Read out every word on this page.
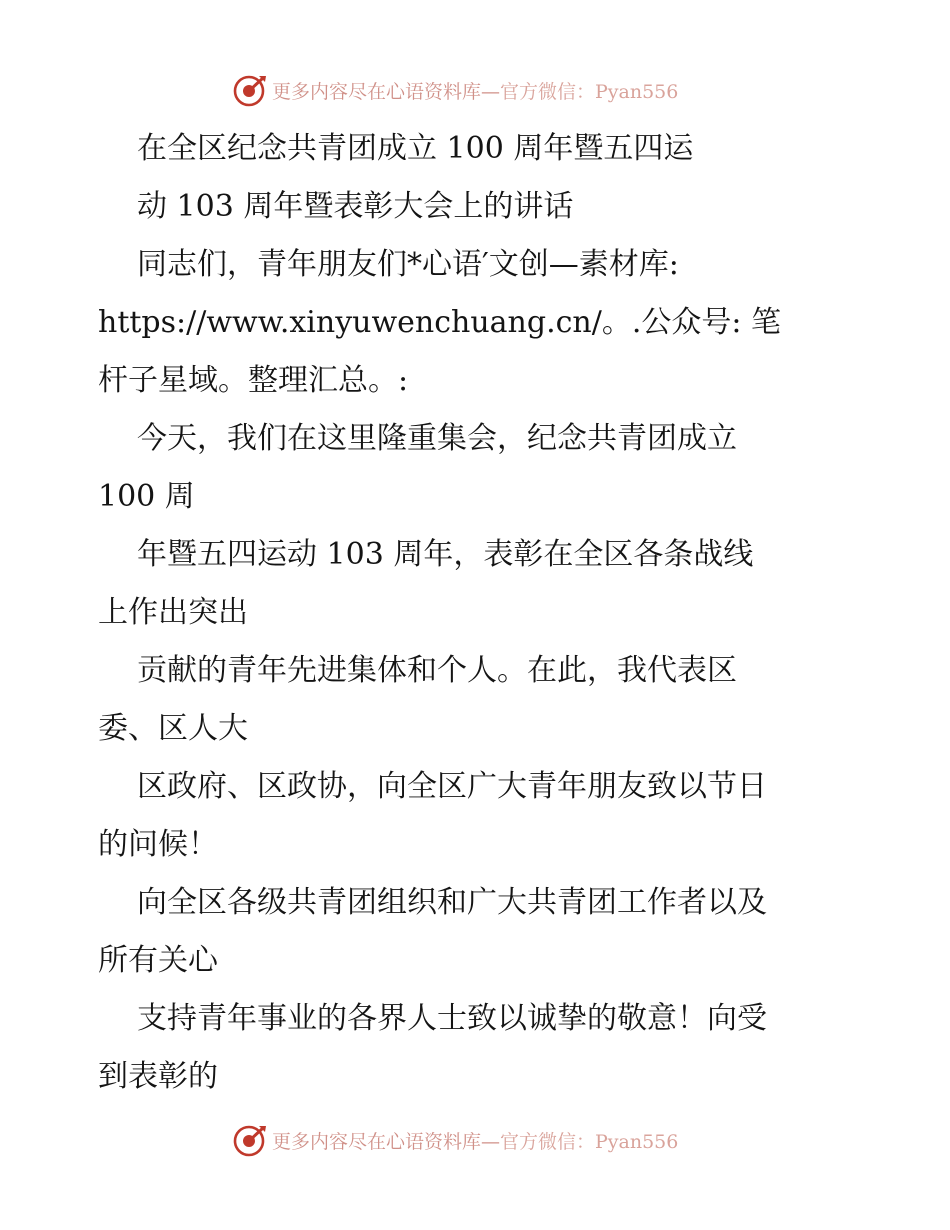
更多内容尽在心语资料库—官方微信：Pyan556
在全区纪念共青团成立 100 周年暨五四运
动 103 周年暨表彰大会上的讲话
同志们，青年朋友们*心语′文创—素材库:
https://www.xinyuwenchuang.cn/。.公众号: 笔
杆子星域。整理汇总。:
今天，我们在这里隆重集会，纪念共青团成立
100 周
年暨五四运动 103 周年，表彰在全区各条战线
上作出突出
贡献的青年先进集体和个人。在此，我代表区
委、区人大
区政府、区政协，向全区广大青年朋友致以节日
的问候！
向全区各级共青团组织和广大共青团工作者以及
所有关心
支持青年事业的各界人士致以诚挚的敬意！向受
到表彰的
更多内容尽在心语资料库—官方微信：Pyan556
